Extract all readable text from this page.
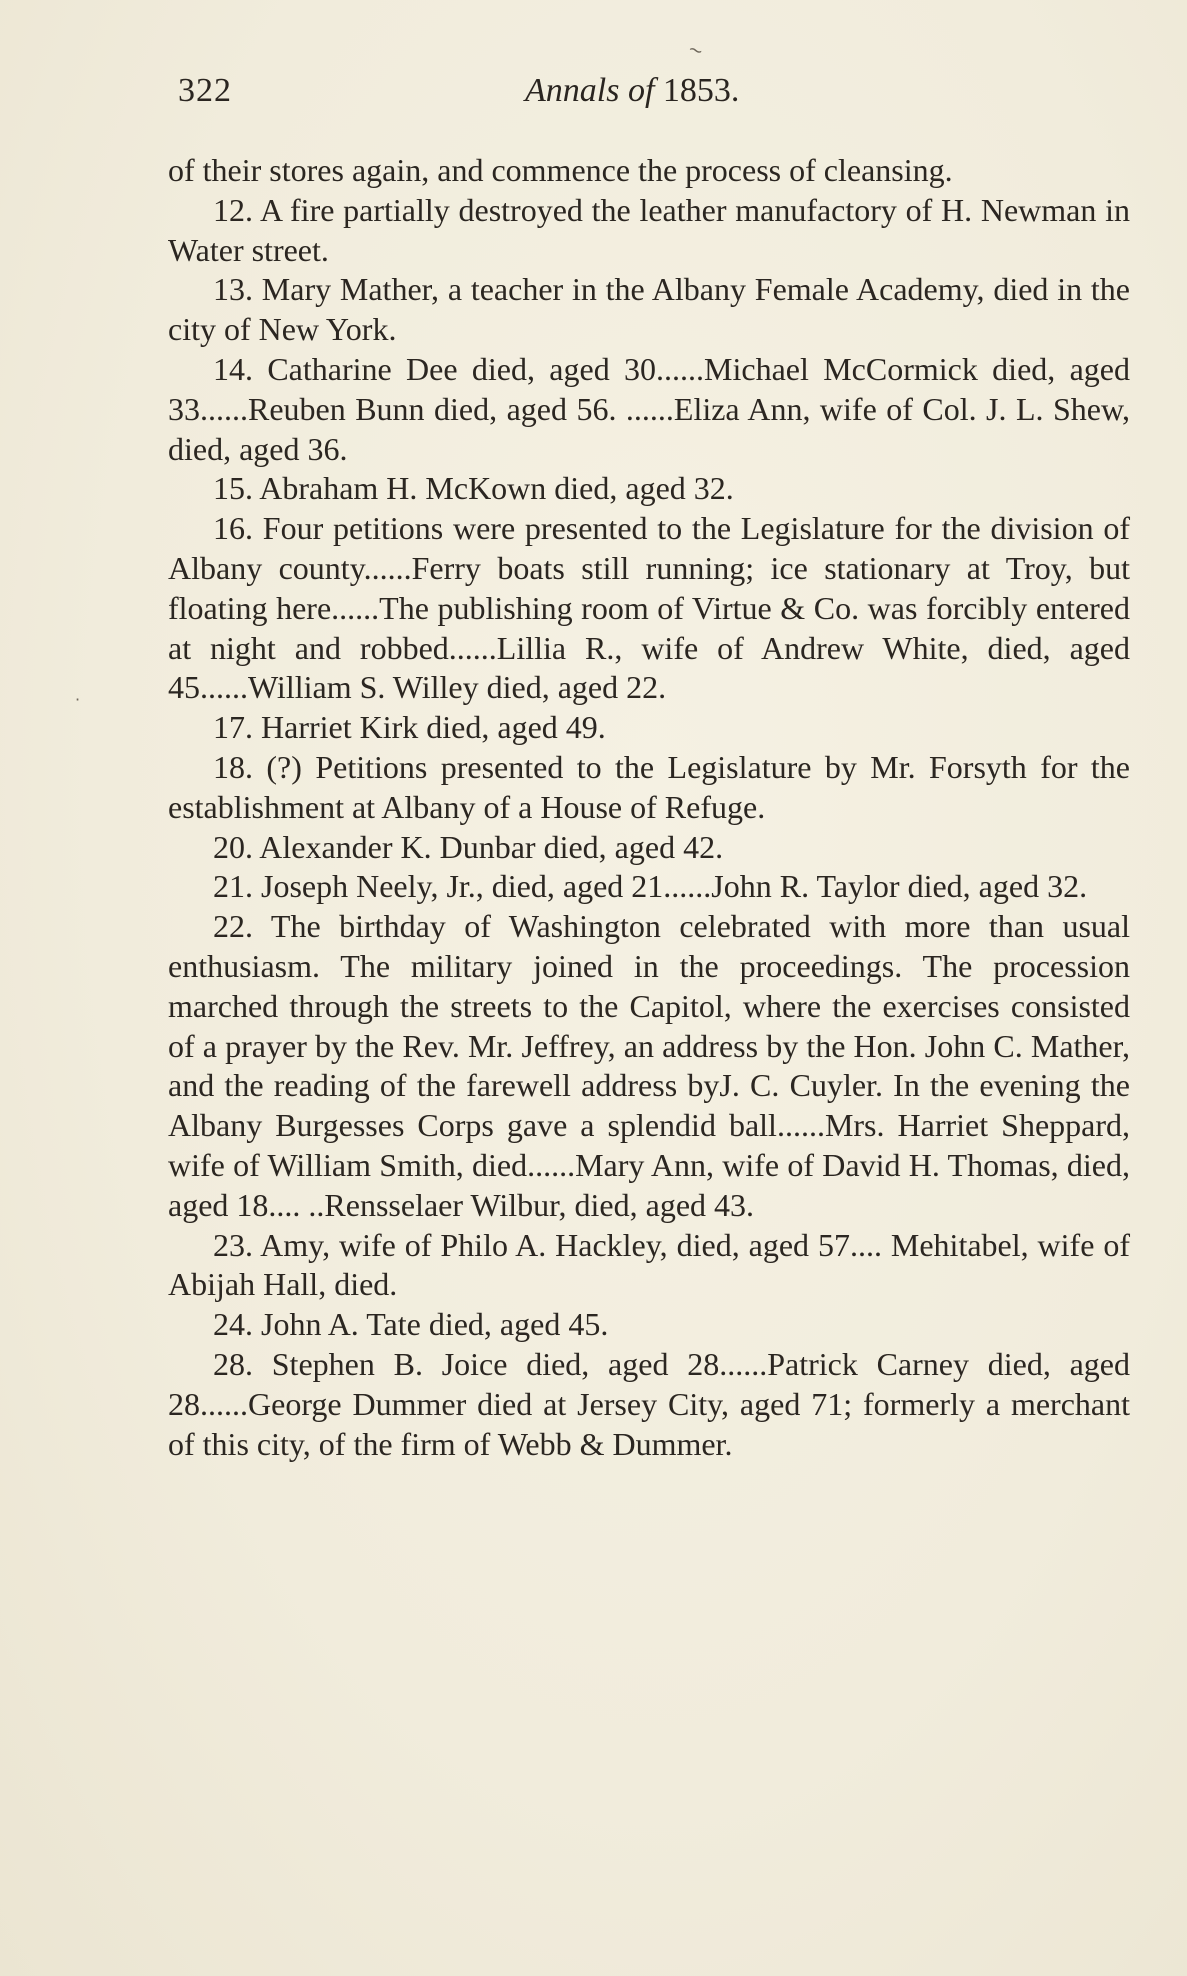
~
·
322	Annals of 1853.

of their stores again, and commence the process of cleansing.

12. A fire partially destroyed the leather manufactory of H. Newman in Water street.

13. Mary Mather, a teacher in the Albany Female Academy, died in the city of New York.

14. Catharine Dee died, aged 30......Michael McCormick died, aged 33......Reuben Bunn died, aged 56. ......Eliza Ann, wife of Col. J. L. Shew, died, aged 36.

15. Abraham H. McKown died, aged 32.

16. Four petitions were presented to the Legislature for the division of Albany county......Ferry boats still running; ice stationary at Troy, but floating here......The publishing room of Virtue & Co. was forcibly entered at night and robbed......Lillia R., wife of Andrew White, died, aged 45......William S. Willey died, aged 22.

17. Harriet Kirk died, aged 49.

18. (?) Petitions presented to the Legislature by Mr. Forsyth for the establishment at Albany of a House of Refuge.

20. Alexander K. Dunbar died, aged 42.

21. Joseph Neely, Jr., died, aged 21......John R. Taylor died, aged 32.

22. The birthday of Washington celebrated with more than usual enthusiasm. The military joined in the proceedings. The procession marched through the streets to the Capitol, where the exercises consisted of a prayer by the Rev. Mr. Jeffrey, an address by the Hon. John C. Mather, and the reading of the farewell address byJ. C. Cuyler. In the evening the Albany Burgesses Corps gave a splendid ball......Mrs. Harriet Sheppard, wife of William Smith, died......Mary Ann, wife of David H. Thomas, died, aged 18.... ..Rensselaer Wilbur, died, aged 43.

23. Amy, wife of Philo A. Hackley, died, aged 57.... Mehitabel, wife of Abijah Hall, died.

24. John A. Tate died, aged 45.

28. Stephen B. Joice died, aged 28......Patrick Carney died, aged 28......George Dummer died at Jersey City, aged 71; formerly a merchant of this city, of the firm of Webb & Dummer.
